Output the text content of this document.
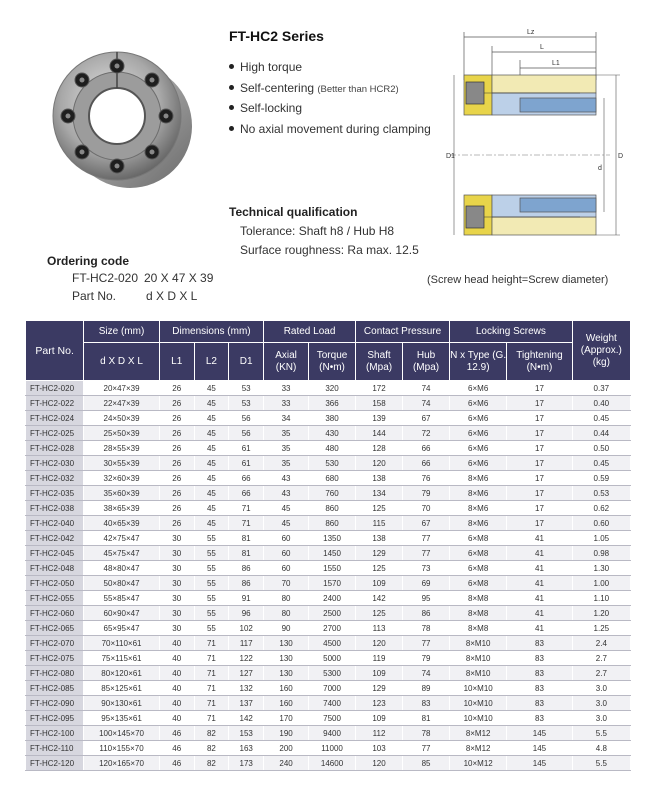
FT-HC2 Series
High torque
Self-centering (Better than HCR2)
Self-locking
No axial movement during clamping
Technical qualification
Tolerance: Shaft h8 / Hub H8
Surface roughness: Ra max. 12.5
Ordering code
FT-HC2-020 20 X 47 X 39
Part No. d X D X L
(Screw head height=Screw diameter)
Lz
L
L1
D1
d
D
Part No.	Size (mm)	Dimensions (mm)			Rated Load		Contact Pressure		Locking Screws		Weight (Approx.) (kg)
	d X D X L	L1	L2	D1	Axial (KN)	Torque (N•m)	Shaft (Mpa)	Hub (Mpa)	N x Type (G. 12.9)	Tightening (N•m)	
FT-HC2-020	20×47×39	26	45	53	33	320	172	74	6×M6	17	0.37
FT-HC2-022	22×47×39	26	45	53	33	366	158	74	6×M6	17	0.40
FT-HC2-024	24×50×39	26	45	56	34	380	139	67	6×M6	17	0.45
FT-HC2-025	25×50×39	26	45	56	35	430	144	72	6×M6	17	0.44
FT-HC2-028	28×55×39	26	45	61	35	480	128	66	6×M6	17	0.50
FT-HC2-030	30×55×39	26	45	61	35	530	120	66	6×M6	17	0.45
FT-HC2-032	32×60×39	26	45	66	43	680	138	76	8×M6	17	0.59
FT-HC2-035	35×60×39	26	45	66	43	760	134	79	8×M6	17	0.53
FT-HC2-038	38×65×39	26	45	71	45	860	125	70	8×M6	17	0.62
FT-HC2-040	40×65×39	26	45	71	45	860	115	67	8×M6	17	0.60
FT-HC2-042	42×75×47	30	55	81	60	1350	138	77	6×M8	41	1.05
FT-HC2-045	45×75×47	30	55	81	60	1450	129	77	6×M8	41	0.98
FT-HC2-048	48×80×47	30	55	86	60	1550	125	73	6×M8	41	1.30
FT-HC2-050	50×80×47	30	55	86	70	1570	109	69	6×M8	41	1.00
FT-HC2-055	55×85×47	30	55	91	80	2400	142	95	8×M8	41	1.10
FT-HC2-060	60×90×47	30	55	96	80	2500	125	86	8×M8	41	1.20
FT-HC2-065	65×95×47	30	55	102	90	2700	113	78	8×M8	41	1.25
FT-HC2-070	70×110×61	40	71	117	130	4500	120	77	8×M10	83	2.4
FT-HC2-075	75×115×61	40	71	122	130	5000	119	79	8×M10	83	2.7
FT-HC2-080	80×120×61	40	71	127	130	5300	109	74	8×M10	83	2.7
FT-HC2-085	85×125×61	40	71	132	160	7000	129	89	10×M10	83	3.0
FT-HC2-090	90×130×61	40	71	137	160	7400	123	83	10×M10	83	3.0
FT-HC2-095	95×135×61	40	71	142	170	7500	109	81	10×M10	83	3.0
FT-HC2-100	100×145×70	46	82	153	190	9400	112	78	8×M12	145	5.5
FT-HC2-110	110×155×70	46	82	163	200	11000	103	77	8×M12	145	4.8
FT-HC2-120	120×165×70	46	82	173	240	14600	120	85	10×M12	145	5.5
